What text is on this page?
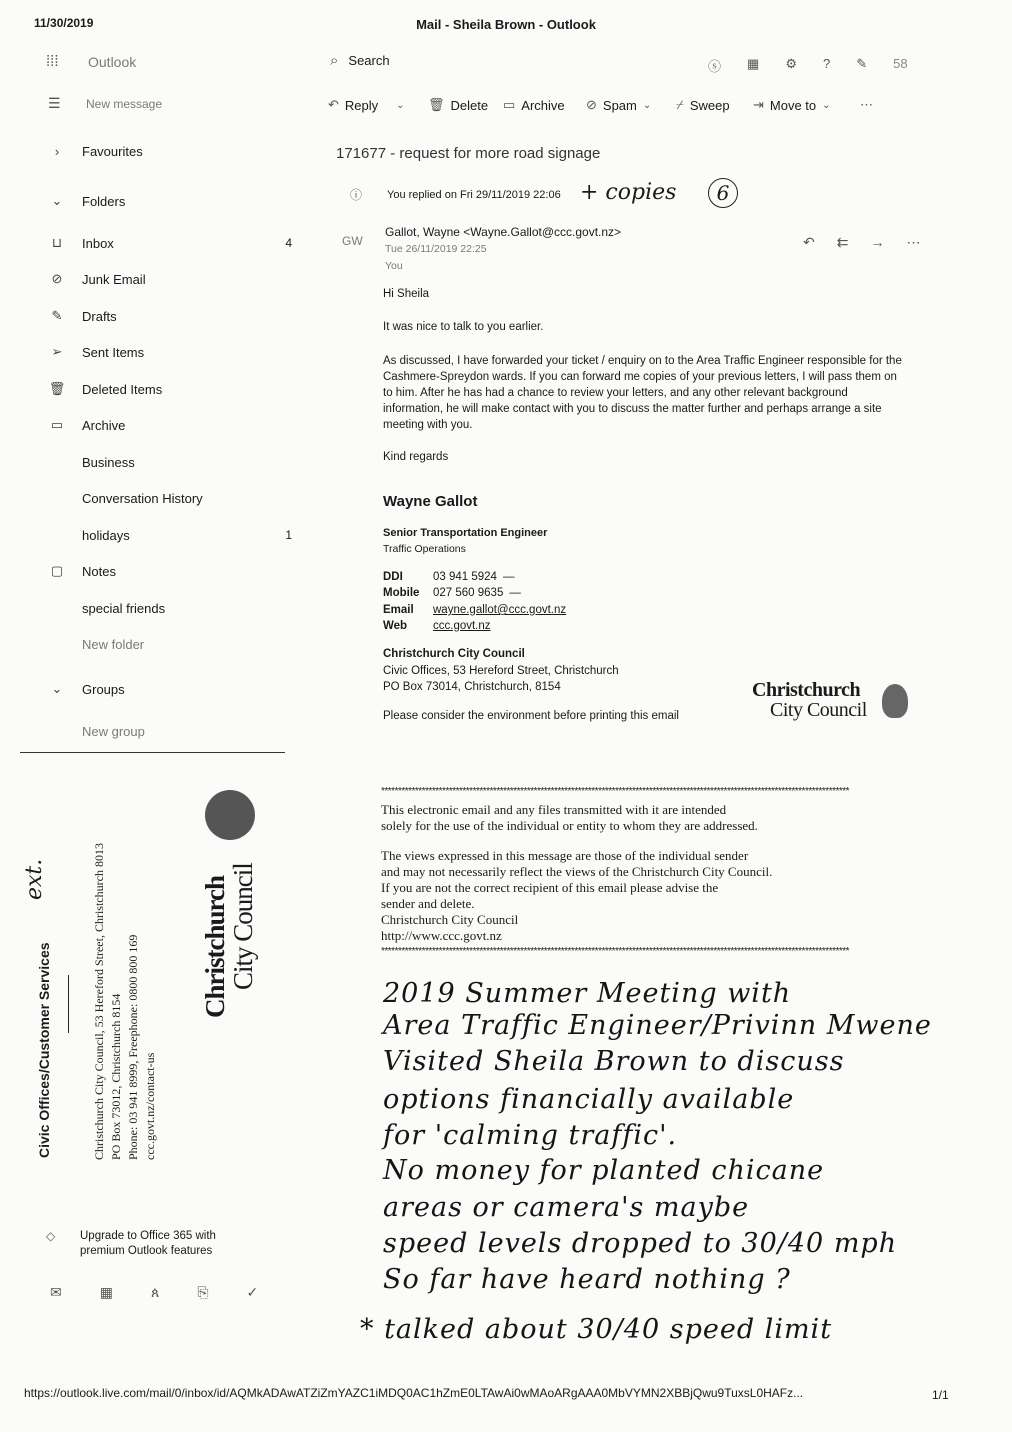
11/30/2019	Mail - Sheila Brown - Outlook
⁞⁞⁞ Outlook	⌕ Search	ⓢ ▦ ⚙ ? ✎ 58
☰ New message	↶ Reply ⌄ 🗑 Delete ▭ Archive ⊘ Spam ⌄ ⌿ Sweep ⇥ Move to ⌄ ⋯
›	Favourites
⌄	Folders
⊔	Inbox	4
⊘	Junk Email
✎	Drafts
➢	Sent Items
🗑 Deleted Items
▭	Archive
Business
Conversation History
holidays	1
▢	Notes
special friends
New folder
⌄	Groups
New group
Civic Offices/Customer Services	Christchurch City Council, 53 Hereford Street, Christchurch 8013 PO Box 73012, Christchurch 8154 Phone: 03 941 8999, Freephone: 0800 800 169 ccc.govt.nz/contact-us
Christchurch
City Council
ext.
◇ Upgrade to Office 365 with
premium Outlook features
✉	▦	ጰ	⎘	✓
171677 - request for more road signage
ⓘ You replied on Fri 29/11/2019 22:06 + copies	6
GW
Gallot, Wayne <Wayne.Gallot@ccc.govt.nz>
Tue 26/11/2019 22:25
You
↶ ⇇ → ⋯
Hi Sheila
It was nice to talk to you earlier.
As discussed, I have forwarded your ticket / enquiry on to the Area Traffic Engineer responsible for the Cashmere-Spreydon wards. If you can forward me copies of your previous letters, I will pass them on to him. After he has had a chance to review your letters, and any other relevant background information, he will make contact with you to discuss the matter further and perhaps arrange a site meeting with you.
Kind regards
Wayne Gallot
Senior Transportation Engineer
Traffic Operations
DDI	03 941 5924 —
Mobile	027 560 9635 —
Email	wayne.gallot@ccc.govt.nz
Web	ccc.govt.nz
Christchurch City Council
Civic Offices, 53 Hereford Street, Christchurch
PO Box 73014, Christchurch, 8154
Please consider the environment before printing this email
Christchurch
City Council
******************************************************************************************************************************************
This electronic email and any files transmitted with it are intended
solely for the use of the individual or entity to whom they are addressed.
The views expressed in this message are those of the individual sender
and may not necessarily reflect the views of the Christchurch City Council.
If you are not the correct recipient of this email please advise the
sender and delete.
Christchurch City Council
http://www.ccc.govt.nz
******************************************************************************************************************************************
2019 Summer Meeting with
Area Traffic Engineer/Privinn Mwene
Visited Sheila Brown to discuss
options financially available
for 'calming traffic'.
No money for planted chicane
areas or camera's maybe
speed levels dropped to 30/40 mph
So far have heard nothing ?
* talked about 30/40 speed limit
https://outlook.live.com/mail/0/inbox/id/AQMkADAwATZiZmYAZC1iMDQ0AC1hZmE0LTAwAi0wMAoARgAAA0MbVYMN2XBBjQwu9TuxsL0HAFz...	1/1
